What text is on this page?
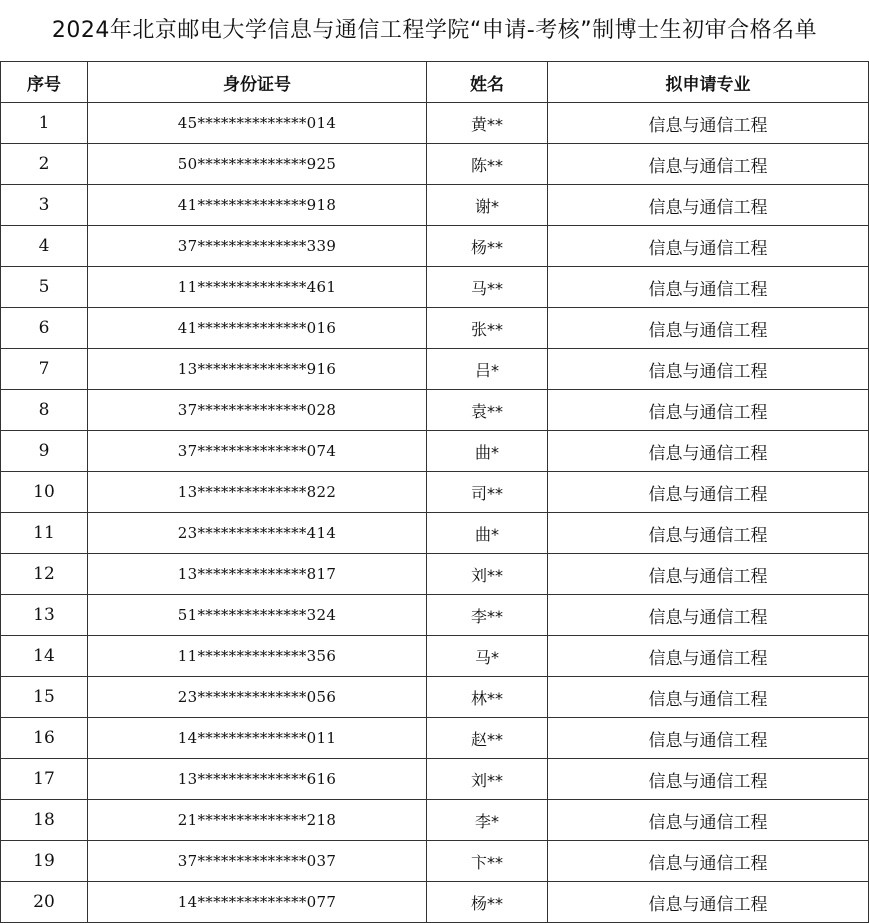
2024年北京邮电大学信息与通信工程学院“申请-考核”制博士生初审合格名单
序号	身份证号	姓名	拟申请专业
1	45**************014	黄**	信息与通信工程
2	50**************925	陈**	信息与通信工程
3	41**************918	谢*	信息与通信工程
4	37**************339	杨**	信息与通信工程
5	11**************461	马**	信息与通信工程
6	41**************016	张**	信息与通信工程
7	13**************916	吕*	信息与通信工程
8	37**************028	袁**	信息与通信工程
9	37**************074	曲*	信息与通信工程
10	13**************822	司**	信息与通信工程
11	23**************414	曲*	信息与通信工程
12	13**************817	刘**	信息与通信工程
13	51**************324	李**	信息与通信工程
14	11**************356	马*	信息与通信工程
15	23**************056	林**	信息与通信工程
16	14**************011	赵**	信息与通信工程
17	13**************616	刘**	信息与通信工程
18	21**************218	李*	信息与通信工程
19	37**************037	卞**	信息与通信工程
20	14**************077	杨**	信息与通信工程
